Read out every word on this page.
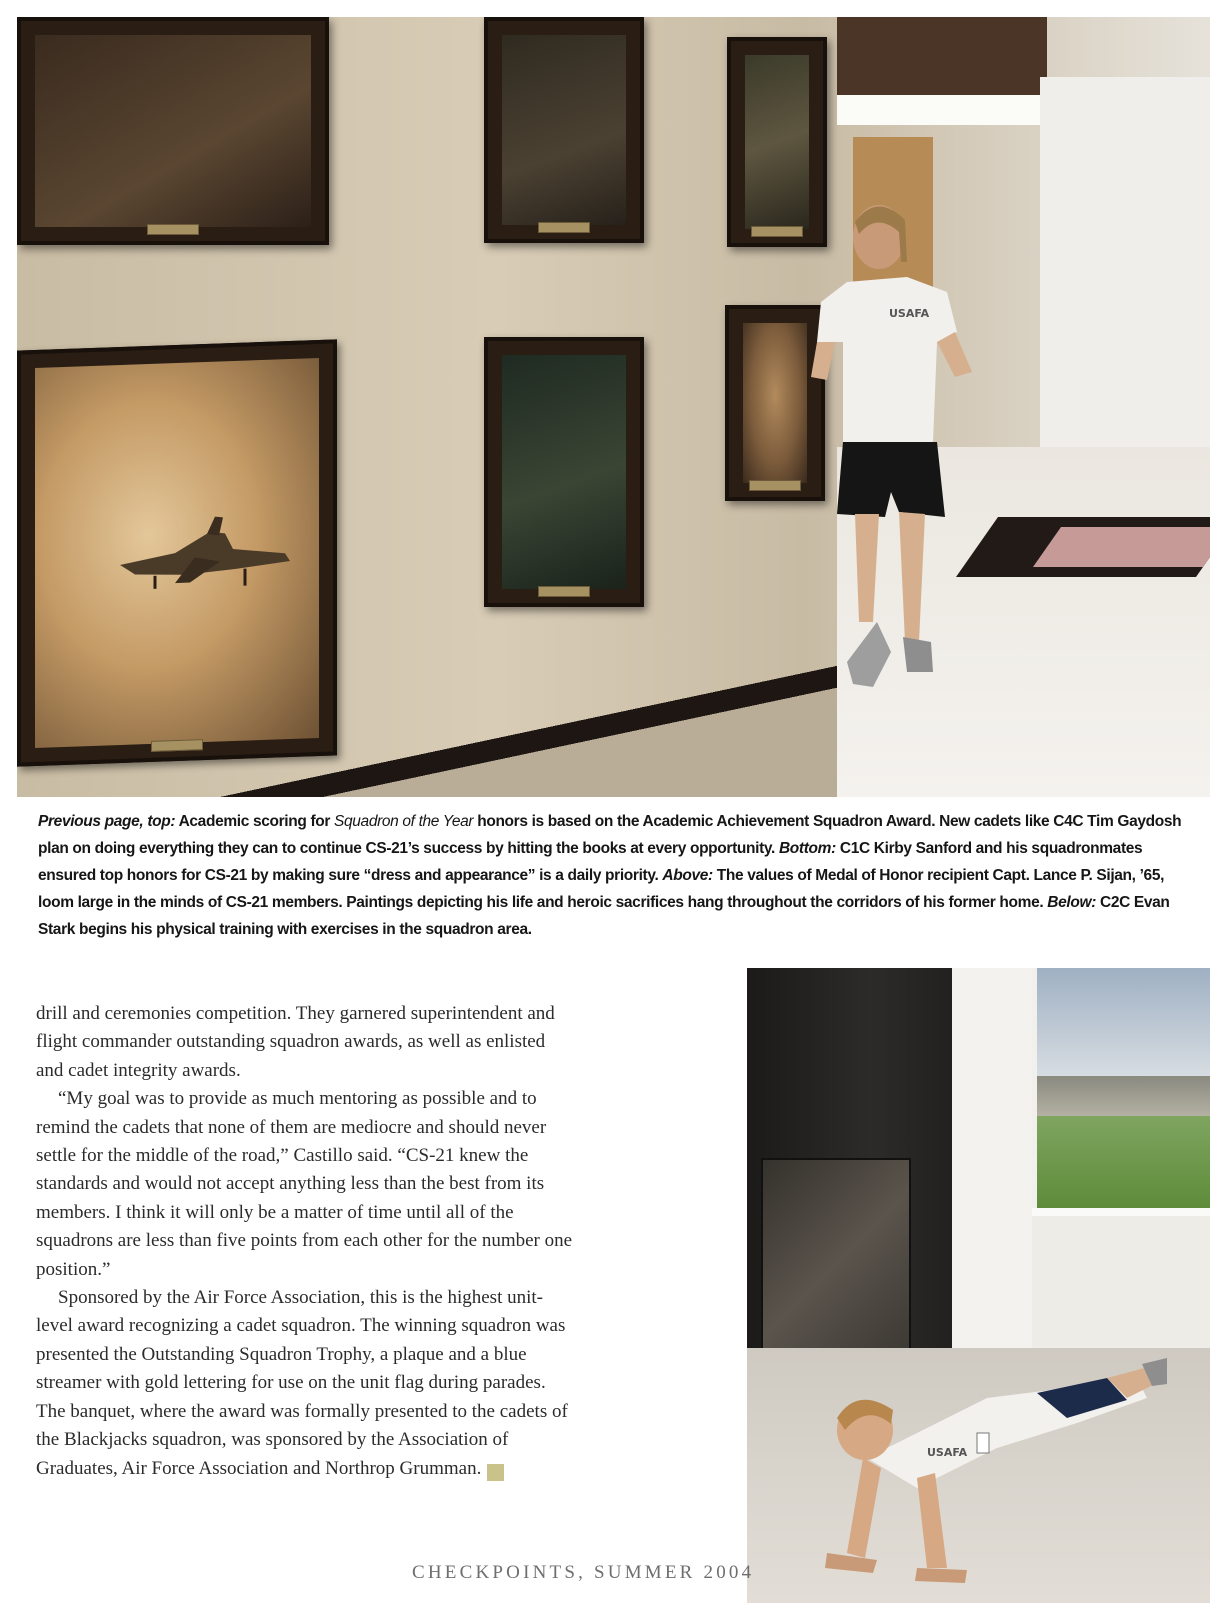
USAFA
Previous page, top: Academic scoring for Squadron of the Year honors is based on the Academic Achievement Squadron Award. New cadets like C4C Tim Gaydosh plan on doing everything they can to continue CS-21’s success by hitting the books at every opportunity. Bottom: C1C Kirby Sanford and his squadronmates ensured top honors for CS-21 by making sure “dress and appearance” is a daily priority. Above: The values of Medal of Honor recipient Capt. Lance P. Sijan, ’65, loom large in the minds of CS-21 members. Paintings depicting his life and heroic sacrifices hang throughout the corridors of his former home. Below: C2C Evan Stark begins his physical training with exercises in the squadron area.

drill and ceremonies competition. They garnered superintendent and flight commander outstanding squadron awards, as well as enlisted and cadet integrity awards.

“My goal was to provide as much mentoring as possible and to remind the cadets that none of them are mediocre and should never settle for the middle of the road,” Castillo said. “CS-21 knew the standards and would not accept anything less than the best from its members. I think it will only be a matter of time until all of the squadrons are less than five points from each other for the number one position.”

Sponsored by the Air Force Association, this is the highest unit-level award recognizing a cadet squadron. The winning squadron was presented the Outstanding Squadron Trophy, a plaque and a blue streamer with gold lettering for use on the unit flag during parades. The banquet, where the award was formally presented to the cadets of the Blackjacks squadron, was sponsored by the Association of Graduates, Air Force Association and Northrop Grumman. ✓

USAFA
CHECKPOINTS, SUMMER 2004
